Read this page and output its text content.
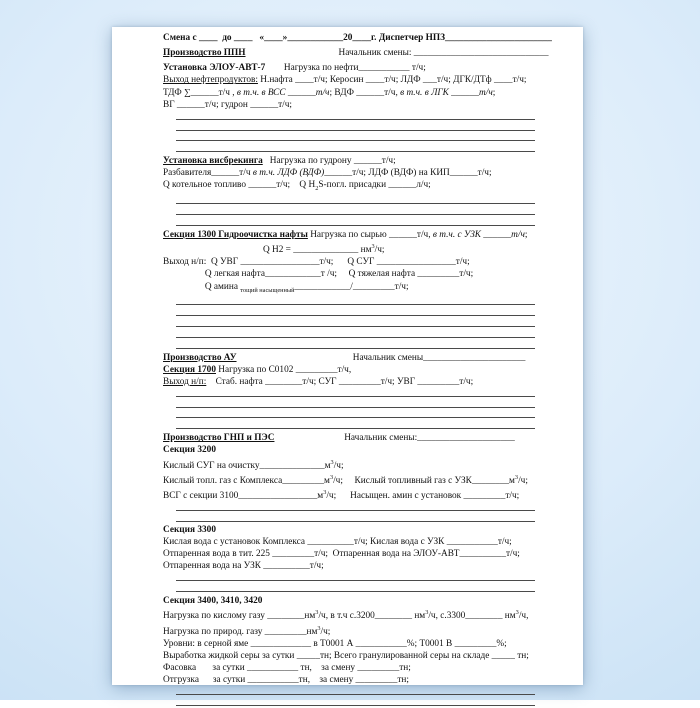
Смена с ____  до ____   «____»____________20____г. Диспетчер НПЗ_______________________
Производство ППН	Начальник смены: _____________________________
Установка ЭЛОУ-АВТ-7        Нагрузка по нефти___________ т/ч;
Выход нефтепродуктов: Н.нафта ____т/ч; Керосин ____т/ч; ЛДФ ___т/ч; ДГК/ДТф ____т/ч;
ТДФ ∑______т/ч , в т.ч. в ВСС ______т/ч; ВДФ ______т/ч, в т.ч. в ЛГК ______т/ч;
ВГ ______т/ч; гудрон ______т/ч;
Установка висбрекинга   Нагрузка по гудрону ______т/ч;
Разбавителя______т/ч в т.ч. ЛДФ (ВДФ)______т/ч; ЛДФ (ВДФ) на КИП______т/ч;
Q котельное топливо ______т/ч;    Q $H_2S$-погл. присадки ______л/ч;
Секция 1300 Гидроочистка нафты Нагрузка по сырью ______т/ч, в т.ч. с УЗК ______т/ч;
Q H2 = ______________ $нм^3/ч$;
Выход н/п:  Q УВГ _________________т/ч;      Q СУГ _________________т/ч;
Q легкая нафта____________т /ч;     Q тяжелая нафта _________т/ч;
Q амина $_{тощий насыщенный}$____________/_________т/ч;
Производство АУ	Начальник смены______________________
Секция 1700 Нагрузка по С0102 _________т/ч,
Выход н/п:    Стаб. нафта ________т/ч; СУГ _________т/ч; УВГ _________т/ч;
Производство ГНП и ПЭС	Начальник смены:_____________________
Секция 3200
Кислый СУГ на $очистку\_\_\_\_\_\_\_\_\_\_\_\_\_\_м^3/ч$;
Кислый топл. газ с $Комплекса\_\_\_\_\_\_\_\_\_м^3/ч$;     Кислый топливный газ с $УЗК\_\_\_\_\_\_\_\_м^3/ч$;
ВСГ с секции $3100\_\_\_\_\_\_\_\_\_\_\_\_\_\_\_\_\_м^3/ч$;      Насыщен. амин с установок _________т/ч;
Секция 3300
Кислая вода с установок Комплекса __________т/ч; Кислая вода с УЗК ___________т/ч;
Отпаренная вода в тит. 225 _________т/ч;  Отпаренная вода на ЭЛОУ-АВТ__________т/ч;
Отпаренная вода на УЗК __________т/ч;
Секция 3400, 3410, 3420
Нагрузка по кислому газу $\_\_\_\_\_\_\_\_нм^3/ч$, в т.ч с.3200________ $нм^3/ч$, с.3300________ $нм^3/ч$,
Нагрузка по природ. газу $\_\_\_\_\_\_\_\_\_нм^3/ч$;
Уровни: в серной яме _____________ в Т0001 А ___________%; Т0001 В _________%;
Выработка жидкой серы за сутки _____тн; Всего гранулированной серы на складе _____ тн;
Фасовка       за сутки ___________ тн,    за смену _________тн;
Отгрузка      за сутки ___________тн,    за смену _________тн;
